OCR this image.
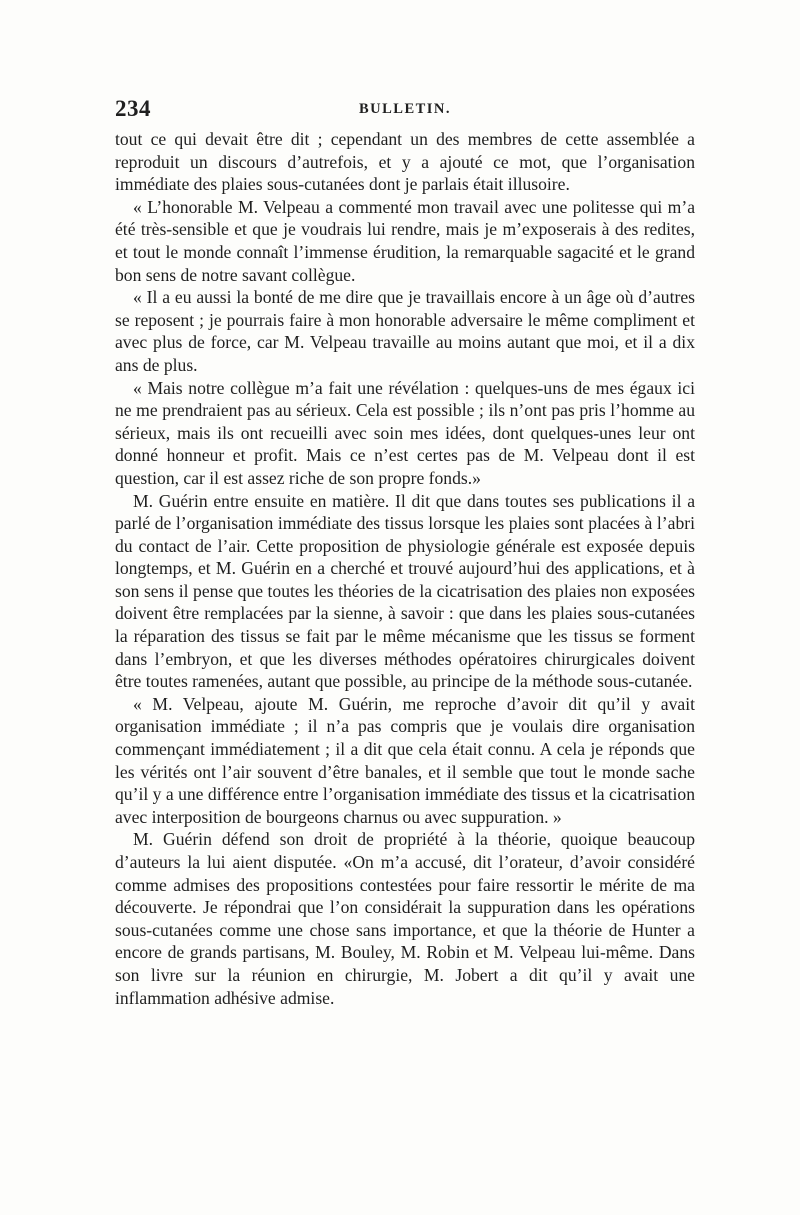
234	BULLETIN.

tout ce qui devait être dit ; cependant un des membres de cette assemblée a reproduit un discours d’autrefois, et y a ajouté ce mot, que l’organisation immédiate des plaies sous-cutanées dont je parlais était illusoire.

« L’honorable M. Velpeau a commenté mon travail avec une politesse qui m’a été très-sensible et que je voudrais lui rendre, mais je m’exposerais à des redites, et tout le monde connaît l’immense érudition, la remarquable sagacité et le grand bon sens de notre savant collègue.

« Il a eu aussi la bonté de me dire que je travaillais encore à un âge où d’autres se reposent ; je pourrais faire à mon honorable adversaire le même compliment et avec plus de force, car M. Velpeau travaille au moins autant que moi, et il a dix ans de plus.

« Mais notre collègue m’a fait une révélation : quelques-uns de mes égaux ici ne me prendraient pas au sérieux. Cela est possible ; ils n’ont pas pris l’homme au sérieux, mais ils ont recueilli avec soin mes idées, dont quelques-unes leur ont donné honneur et profit. Mais ce n’est certes pas de M. Velpeau dont il est question, car il est assez riche de son propre fonds.»

M. Guérin entre ensuite en matière. Il dit que dans toutes ses publications il a parlé de l’organisation immédiate des tissus lorsque les plaies sont placées à l’abri du contact de l’air. Cette proposition de physiologie générale est exposée depuis longtemps, et M. Guérin en a cherché et trouvé aujourd’hui des applications, et à son sens il pense que toutes les théories de la cicatrisation des plaies non exposées doivent être remplacées par la sienne, à savoir : que dans les plaies sous-cutanées la réparation des tissus se fait par le même mécanisme que les tissus se forment dans l’embryon, et que les diverses méthodes opératoires chirurgicales doivent être toutes ramenées, autant que possible, au principe de la méthode sous-cutanée.

« M. Velpeau, ajoute M. Guérin, me reproche d’avoir dit qu’il y avait organisation immédiate ; il n’a pas compris que je voulais dire organisation commençant immédiatement ; il a dit que cela était connu. A cela je réponds que les vérités ont l’air souvent d’être banales, et il semble que tout le monde sache qu’il y a une différence entre l’organisation immédiate des tissus et la cicatrisation avec interposition de bourgeons charnus ou avec suppuration. »

M. Guérin défend son droit de propriété à la théorie, quoique beaucoup d’auteurs la lui aient disputée. «On m’a accusé, dit l’orateur, d’avoir considéré comme admises des propositions contestées pour faire ressortir le mérite de ma découverte. Je répondrai que l’on considérait la suppuration dans les opérations sous-cutanées comme une chose sans importance, et que la théorie de Hunter a encore de grands partisans, M. Bouley, M. Robin et M. Velpeau lui-même. Dans son livre sur la réunion en chirurgie, M. Jobert a dit qu’il y avait une inflammation adhésive admise.
